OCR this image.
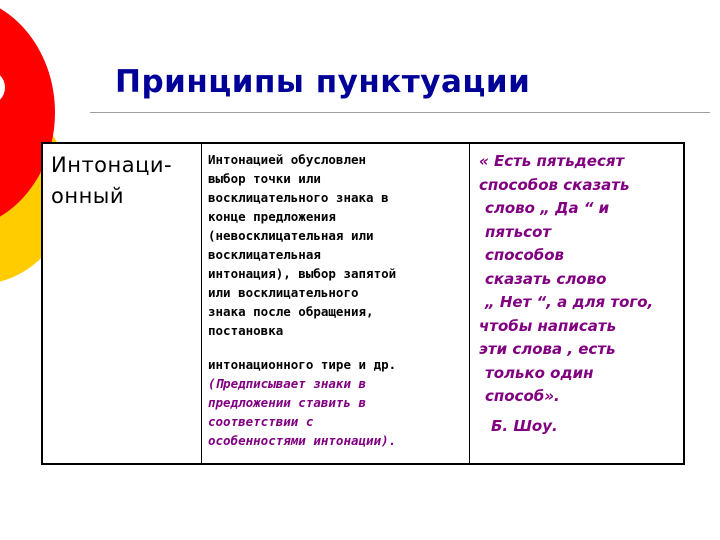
Принципы пунктуации
Интонаци-
онный
Интонацией обусловлен
выбор точки или
восклицательного знака в
конце предложения
(невосклицательная или
восклицательная
интонация), выбор запятой
или восклицательного
знака после обращения,
постановка
интонационного тире и др.
(Предписывает знаки в
предложении ставить в
соответствии с
особенностями интонации).
« Есть пятьдесят
способов сказать
слово „ Да “ и
пятьсот
способов
сказать слово
„ Нет “, а для того,
чтобы написать
эти слова , есть
только один
способ».
Б. Шоу.
